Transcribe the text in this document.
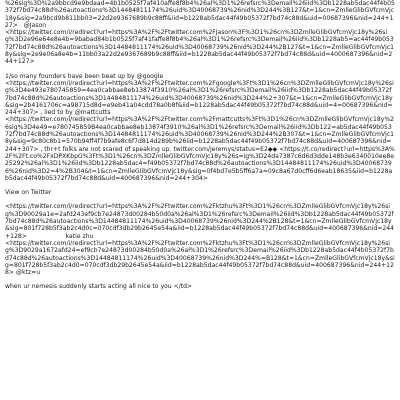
%26sig%3D%2a9bbcd9e9bdaad=4b1b0525f7af410affe8f8b4%26al%3D1%26refsrc%3Demail%26iid%3Db1228ab5dac44f4b05372f7bd74c88d%26autoactions%3D14484811174%26uid%3D40068739%26nid%3D244%3B127&t=1&cn=ZmlleGlibGVfcmVjc18y&sig=2a9bcd9b811bb03=22d2e9367689b9c88ff&iid=b1228ab5dac44f49b05372f7bd74c88d&uid=00687396&nid=244+127>   @Jason

<https://twitter.com/i/redirect?url=https%3A%2F%2Ftwitter.com%2FJason%3F%3D1%26cn%3DZmlleGlibGVfcmVjc18y%26sig%3D2e96e64e8e4b=9babad84b1b0525f7af41faffe8f8b4%26al%3D1%26refsrc%3Demail%26iid%3Db1228ab5=ac44f49b05372f7bd74c88d%26autoactions%3D14484811174%26uid%3D40068739%26nid%3D244%2B127&t=1&cn=ZmlleGlibGVfcmVjc18y&sig=2e9e06a8e4b=11bb03a22d2e9367689b9c88ff&iid=b1228ab5dac44f49b05372f7bd74c88d&uid=4000687396&nid=244+127>

1/so many founders have been beat up by @google

<https://twitter.com/i/redirect?url=https%3A%2F%2Ftwitter.com%2Fgoogle%3Ft%3D1%26cn%3DZmlleGlibGVfcmVjc18y%26sig%3D4e493e780745859=4ea0cabbae8eb13874f3910%26al%3D1%26refsrc%3Demail%26iid%3Db1228ab5dac44f49b05372f7bd74c88d%26autoactions%3D14484811174%26uid%3D40068739%26nid%3D244%2+307&t=1&cn=ZmlleGlibGVfcmVjc18y&sig=2b4161706c=a98715d8d=e9eb41a04cdd78a0b8f&iid=b1228ab5dac44f49b05372f7bd74c88d&uid=4=00687396&nid=244+307> , lied to by @mattcutts

<https://twitter.com/i/redirect?url=https%3A%2F%2Ftwitter.com%2Fmattcutts%3Ft%3D1%26cn%3DZmlleGlibGVfcmVjc18y%26sig%3D4e49=e780745859B4ea0cabbae8eb13874f3910%26al%3D1%26refsrc%3Demail%26iid%3Db122=ab5dac44f49b05372f7bd74c88d%26autoactions%3D14484811174%26uid%3D40068739%26nid%3D244%2B307&t=1&cn=ZmlleGlibGVfcmVjc18y&sig=9c80c8b1=570b94ff4f7b9afe8c6f7d814d289b%26iid=b1228ab5dac44f49b05372f7bd74c88d&uid=400687396&nid=244+307> , thr+t folks are not scared of speaking up. twitter.com/jeremys/status=E2◆◆ <https://t.co/redirect?url=https%3A%2F%2Ft.co%2FxDPXKbpG%3Ft%3D1%26cn%3DZmlleGlibGVfcmVjc18y%26s=ig%3D24da7387c6d6d3dde148b3e6340010ee8e25292%26al%3D1%26iid%3Db1228ab5dac4=f49b05372f7bd74c88d%26autoactions%3D14484811174%26uid%3D400687396%26nid%3D2=4%2B304&t=1&cn=ZmlleGlibGVfcmVjc18y&sig=0f4bd7e5b5ff6a7a=09c8a67d0cff6d6eab18635&iid=b1228ab5dac44f49b05372f7bd74c88d&uid=400687396&nid=244+304>

View on Twitter

<https://twitter.com/i/redirect?url=https%3A%2F%2Ftwitter.com%2Fktzhu%3Ft%3D1%26cn%3DZmlleGlibGVfcmVjc18y%26sig%3D90029a1e=2afd243ef9cb7e24873d00284b50d0a%26al%3D1%26refsrc%3Demail%26iid%3Db1228ab5dac44f49b05372f7bd74c88d%26autoactions%3D14484811174%26uid%3D40068739%26nid%3D244%2B128&t=1&cn=ZmlleGlibGVfcmVjc18y&sig=801f728b5f3ab2c4d0c=070cdf3db29b2645e54a&iid=b1228ab5dac44f49b05372f7bd74c88d&uid=400687396&nid=244+128>                    katie zhu

<https://twitter.com/i/redirect?url=https%3A%2F%2Ftwitter.com%2Fktzhu%3Ft%3D1%26cn%3DZmlleGlibGVfcmVjc18y%26sig%3D9029a1672afd24=ef9cb7e24873d00284b50d0a%26al%3D1%26refsrc%3Demail%26iid%3Db1228ab5dac44f4b05372f7bd74c88d%26autoactions%3D14484811174%26uid%3D40068739%26nid%3D244%=B128&t=1&cn=ZmlleGlibGVfcmVjc18y&sig=801f728b5f3ab2c4d0=070cdf3db29b2645e54a&iid=b1228ab5dac44f49b05372f7bd74c88d&uid=400687396&nid=244+128> @ktz=u

when ur nemesis suddenly starts acting all nice to you </td>
